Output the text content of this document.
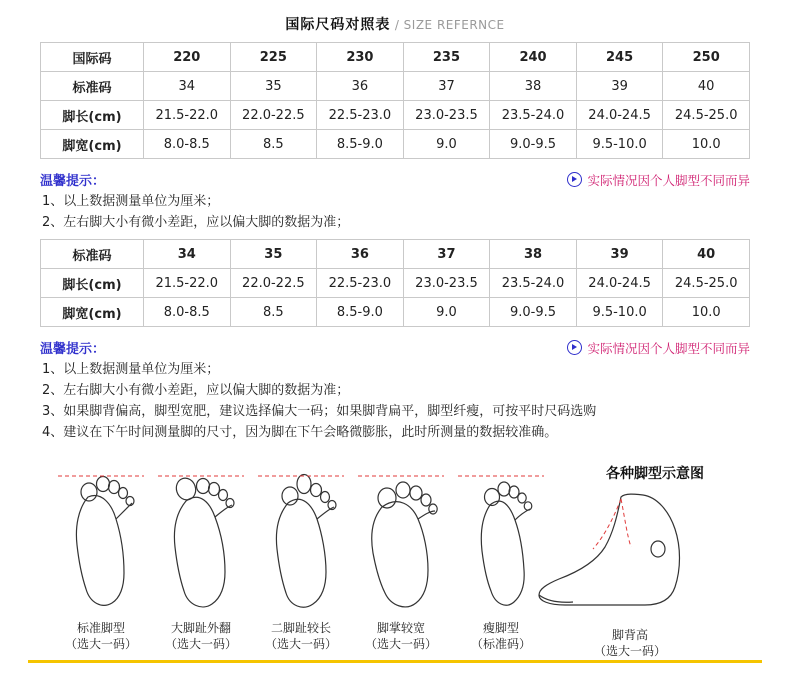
国际尺码对照表 / SIZE REFERNCE
国际码	220	225	230	235	240	245	250
标准码	34	35	36	37	38	39	40
脚长(cm)	21.5-22.0	22.0-22.5	22.5-23.0	23.0-23.5	23.5-24.0	24.0-24.5	24.5-25.0
脚宽(cm)	8.0-8.5	8.5	8.5-9.0	9.0	9.0-9.5	9.5-10.0	10.0
温馨提示：	实际情况因个人脚型不同而异
1、以上数据测量单位为厘米；
2、左右脚大小有微小差距，应以偏大脚的数据为准；
标准码	34	35	36	37	38	39	40
脚长(cm)	21.5-22.0	22.0-22.5	22.5-23.0	23.0-23.5	23.5-24.0	24.0-24.5	24.5-25.0
脚宽(cm)	8.0-8.5	8.5	8.5-9.0	9.0	9.0-9.5	9.5-10.0	10.0
温馨提示：	实际情况因个人脚型不同而异
1、以上数据测量单位为厘米；
2、左右脚大小有微小差距，应以偏大脚的数据为准；
3、如果脚背偏高，脚型宽肥，建议选择偏大一码；如果脚背扁平，脚型纤瘦，可按平时尺码选购
4、建议在下午时间测量脚的尺寸，因为脚在下午会略微膨胀，此时所测量的数据较准确。
各种脚型示意图
标准脚型
（选大一码）
大脚趾外翻
（选大一码）
二脚趾较长
（选大一码）
脚掌较宽
（选大一码）
瘦脚型
（标准码）
脚背高
（选大一码）
